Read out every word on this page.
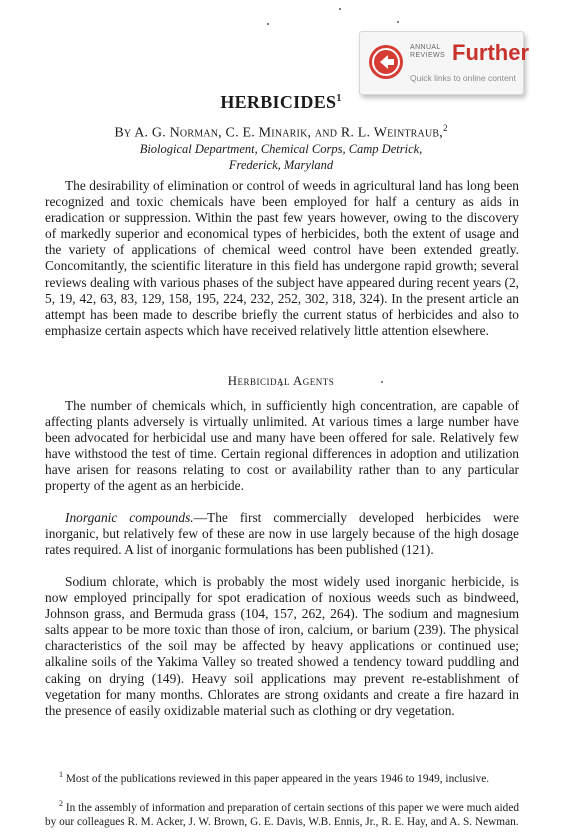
ANNUAL REVIEWS Further
Quick links to online content
HERBICIDES$^1$
By A. G. Norman, C. E. Minarik, and R. L. Weintraub,$^2$
Biological Department, Chemical Corps, Camp Detrick,
Frederick, Maryland

The desirability of elimination or control of weeds in agricultural land has long been recognized and toxic chemicals have been employed for half a century as aids in eradication or suppression. Within the past few years however, owing to the discovery of markedly superior and economical types of herbicides, both the extent of usage and the variety of applications of chemical weed control have been extended greatly. Concomitantly, the scientific literature in this field has undergone rapid growth; several reviews dealing with various phases of the subject have appeared during recent years (2, 5, 19, 42, 63, 83, 129, 158, 195, 224, 232, 252, 302, 318, 324). In the present article an attempt has been made to describe briefly the current status of herbicides and also to emphasize certain aspects which have received relatively little attention elsewhere.

Herbicidal Agents

The number of chemicals which, in sufficiently high concentration, are capable of affecting plants adversely is virtually unlimited. At various times a large number have been advocated for herbicidal use and many have been offered for sale. Relatively few have withstood the test of time. Certain regional differences in adoption and utilization have arisen for reasons relating to cost or availability rather than to any particular property of the agent as an herbicide.

Inorganic compounds.—The first commercially developed herbicides were inorganic, but relatively few of these are now in use largely because of the high dosage rates required. A list of inorganic formulations has been published (121).

Sodium chlorate, which is probably the most widely used inorganic herbicide, is now employed principally for spot eradication of noxious weeds such as bindweed, Johnson grass, and Bermuda grass (104, 157, 262, 264). The sodium and magnesium salts appear to be more toxic than those of iron, calcium, or barium (239). The physical characteristics of the soil may be affected by heavy applications or continued use; alkaline soils of the Yakima Valley so treated showed a tendency toward puddling and caking on drying (149). Heavy soil applications may prevent re-establishment of vegetation for many months. Chlorates are strong oxidants and create a fire hazard in the presence of easily oxidizable material such as clothing or dry vegetation.

$^1$ Most of the publications reviewed in this paper appeared in the years 1946 to 1949, inclusive.

$^2$ In the assembly of information and preparation of certain sections of this paper we were much aided by our colleagues R. M. Acker, J. W. Brown, G. E. Davis, W.B. Ennis, Jr., R. E. Hay, and A. S. Newman.
